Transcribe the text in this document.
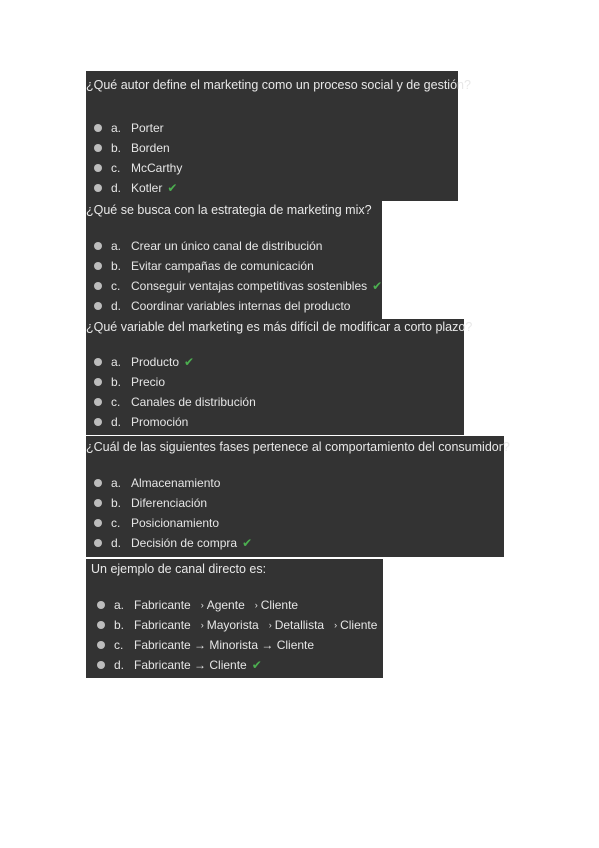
¿Qué autor define el marketing como un proceso social y de gestión?
a. Porter
b. Borden
c. McCarthy
d. Kotler ✔
¿Qué se busca con la estrategia de marketing mix?
a. Crear un único canal de distribución
b. Evitar campañas de comunicación
c. Conseguir ventajas competitivas sostenibles ✔
d. Coordinar variables internas del producto
¿Qué variable del marketing es más difícil de modificar a corto plazo?
a. Producto ✔
b. Precio
c. Canales de distribución
d. Promoción
¿Cuál de las siguientes fases pertenece al comportamiento del consumidor?
a. Almacenamiento
b. Diferenciación
c. Posicionamiento
d. Decisión de compra ✔
Un ejemplo de canal directo es:
a. Fabricante › Agente › Cliente
b. Fabricante › Mayorista › Detallista › Cliente
c. Fabricante → Minorista → Cliente
d. Fabricante → Cliente ✔
